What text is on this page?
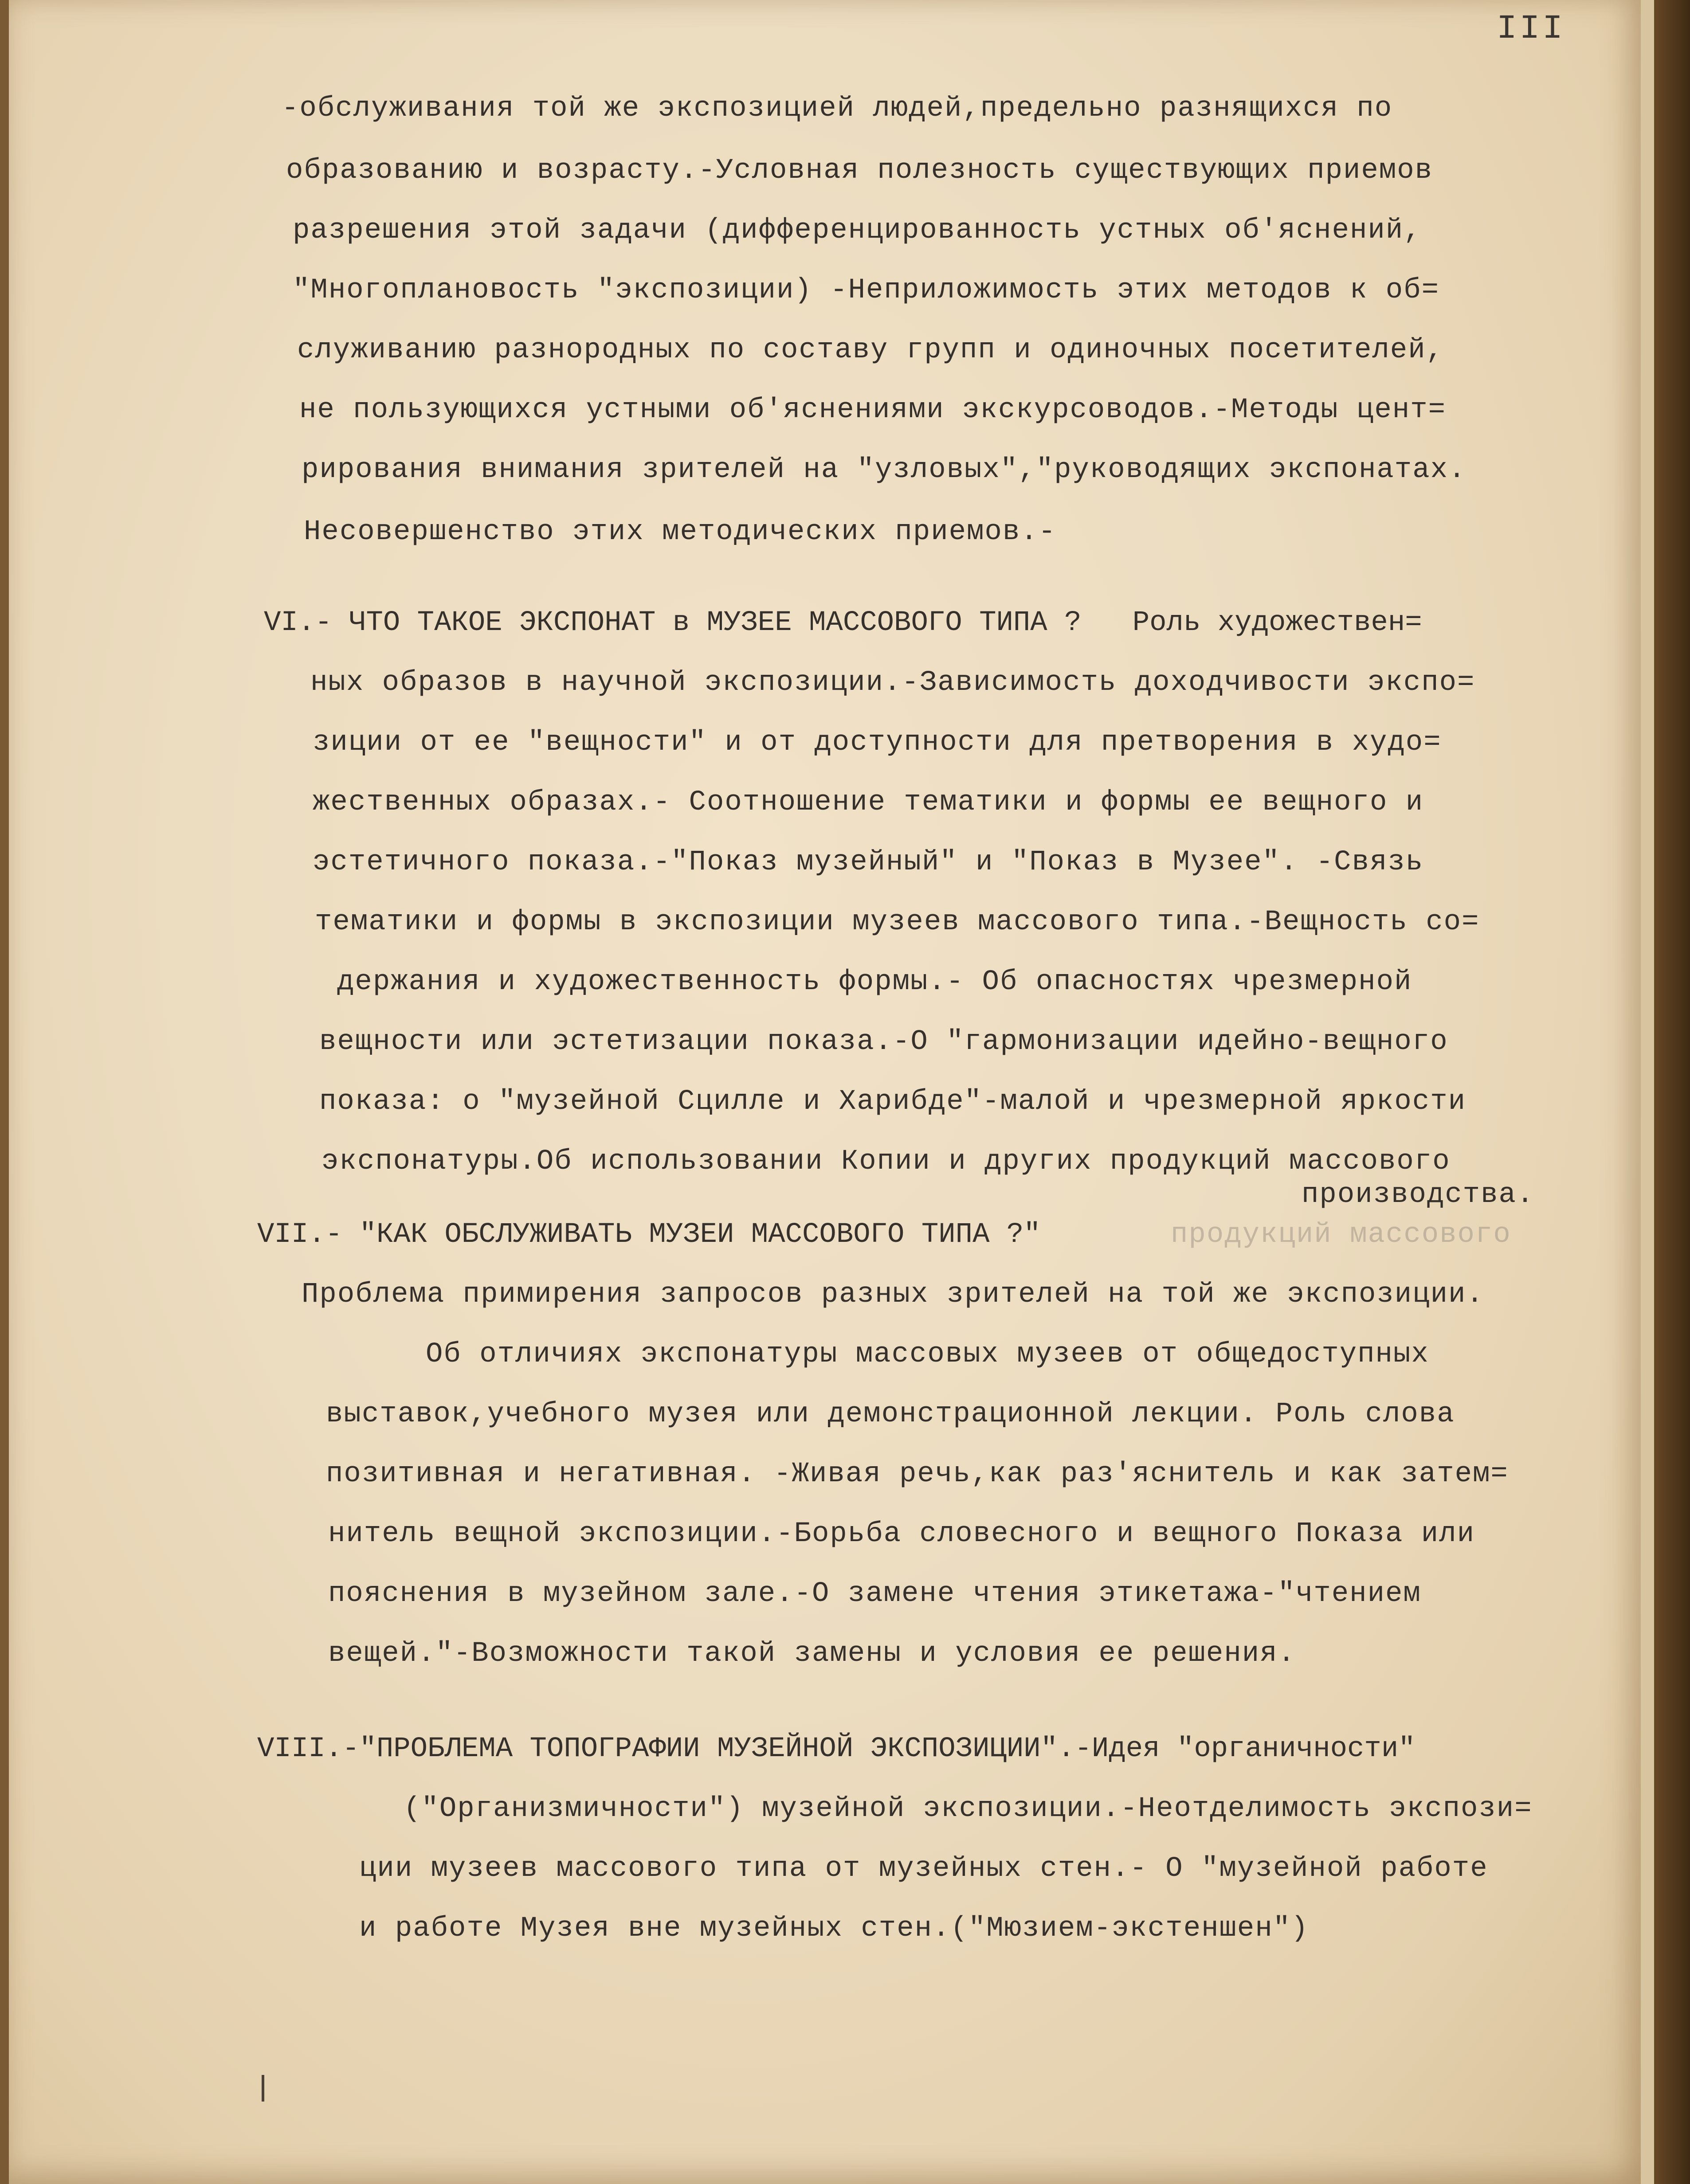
III

-обслуживания той же экспозицией людей,предельно разнящихся по

образованию и возрасту.-Условная полезность существующих приемов

разрешения этой задачи (дифференцированность устных об'яснений,

"Многоплановость "экспозиции) -Неприложимость этих методов к об=

служиванию разнородных по составу групп и одиночных посетителей,

не пользующихся устными об'яснениями экскурсоводов.-Методы цент=

рирования внимания зрителей на "узловых","руководящих экспонатах.

Несовершенство этих методических приемов.-

VI.- ЧТО ТАКОЕ ЭКСПОНАТ в МУЗЕЕ МАССОВОГО ТИПА ?   Роль художествен=

ных образов в научной экспозиции.-Зависимость доходчивости экспо=

зиции от ее "вещности" и от доступности для претворения в худо=

жественных образах.- Соотношение тематики и формы ее вещного и

эстетичного показа.-"Показ музейный" и "Показ в Музее". -Связь

тематики и формы в экспозиции музеев массового типа.-Вещность со=

держания и художественность формы.- Об опасностях чрезмерной

вещности или эстетизации показа.-О "гармонизации идейно-вещного

показа: о "музейной Сцилле и Харибде"-малой и чрезмерной яркости

экспонатуры.Об использовании Копии и других продукций массового

производства.

VII.- "КАК ОБСЛУЖИВАТЬ МУЗЕИ МАССОВОГО ТИПА ?"	продукций массового

Проблема примирения запросов разных зрителей на той же экспозиции.

Об отличиях экспонатуры массовых музеев от общедоступных

выставок,учебного музея или демонстрационной лекции. Роль слова

позитивная и негативная. -Живая речь,как раз'яснитель и как затем=

нитель вещной экспозиции.-Борьба словесного и вещного Показа или

пояснения в музейном зале.-О замене чтения этикетажа-"чтением

вещей."-Возможности такой замены и условия ее решения.

VIII.-"ПРОБЛЕМА ТОПОГРАФИИ МУЗЕЙНОЙ ЭКСПОЗИЦИИ".-Идея "органичности"

("Организмичности") музейной экспозиции.-Неотделимость экспози=

ции музеев массового типа от музейных стен.- О "музейной работе

и работе Музея вне музейных стен.("Мюзием-экстеншен")
